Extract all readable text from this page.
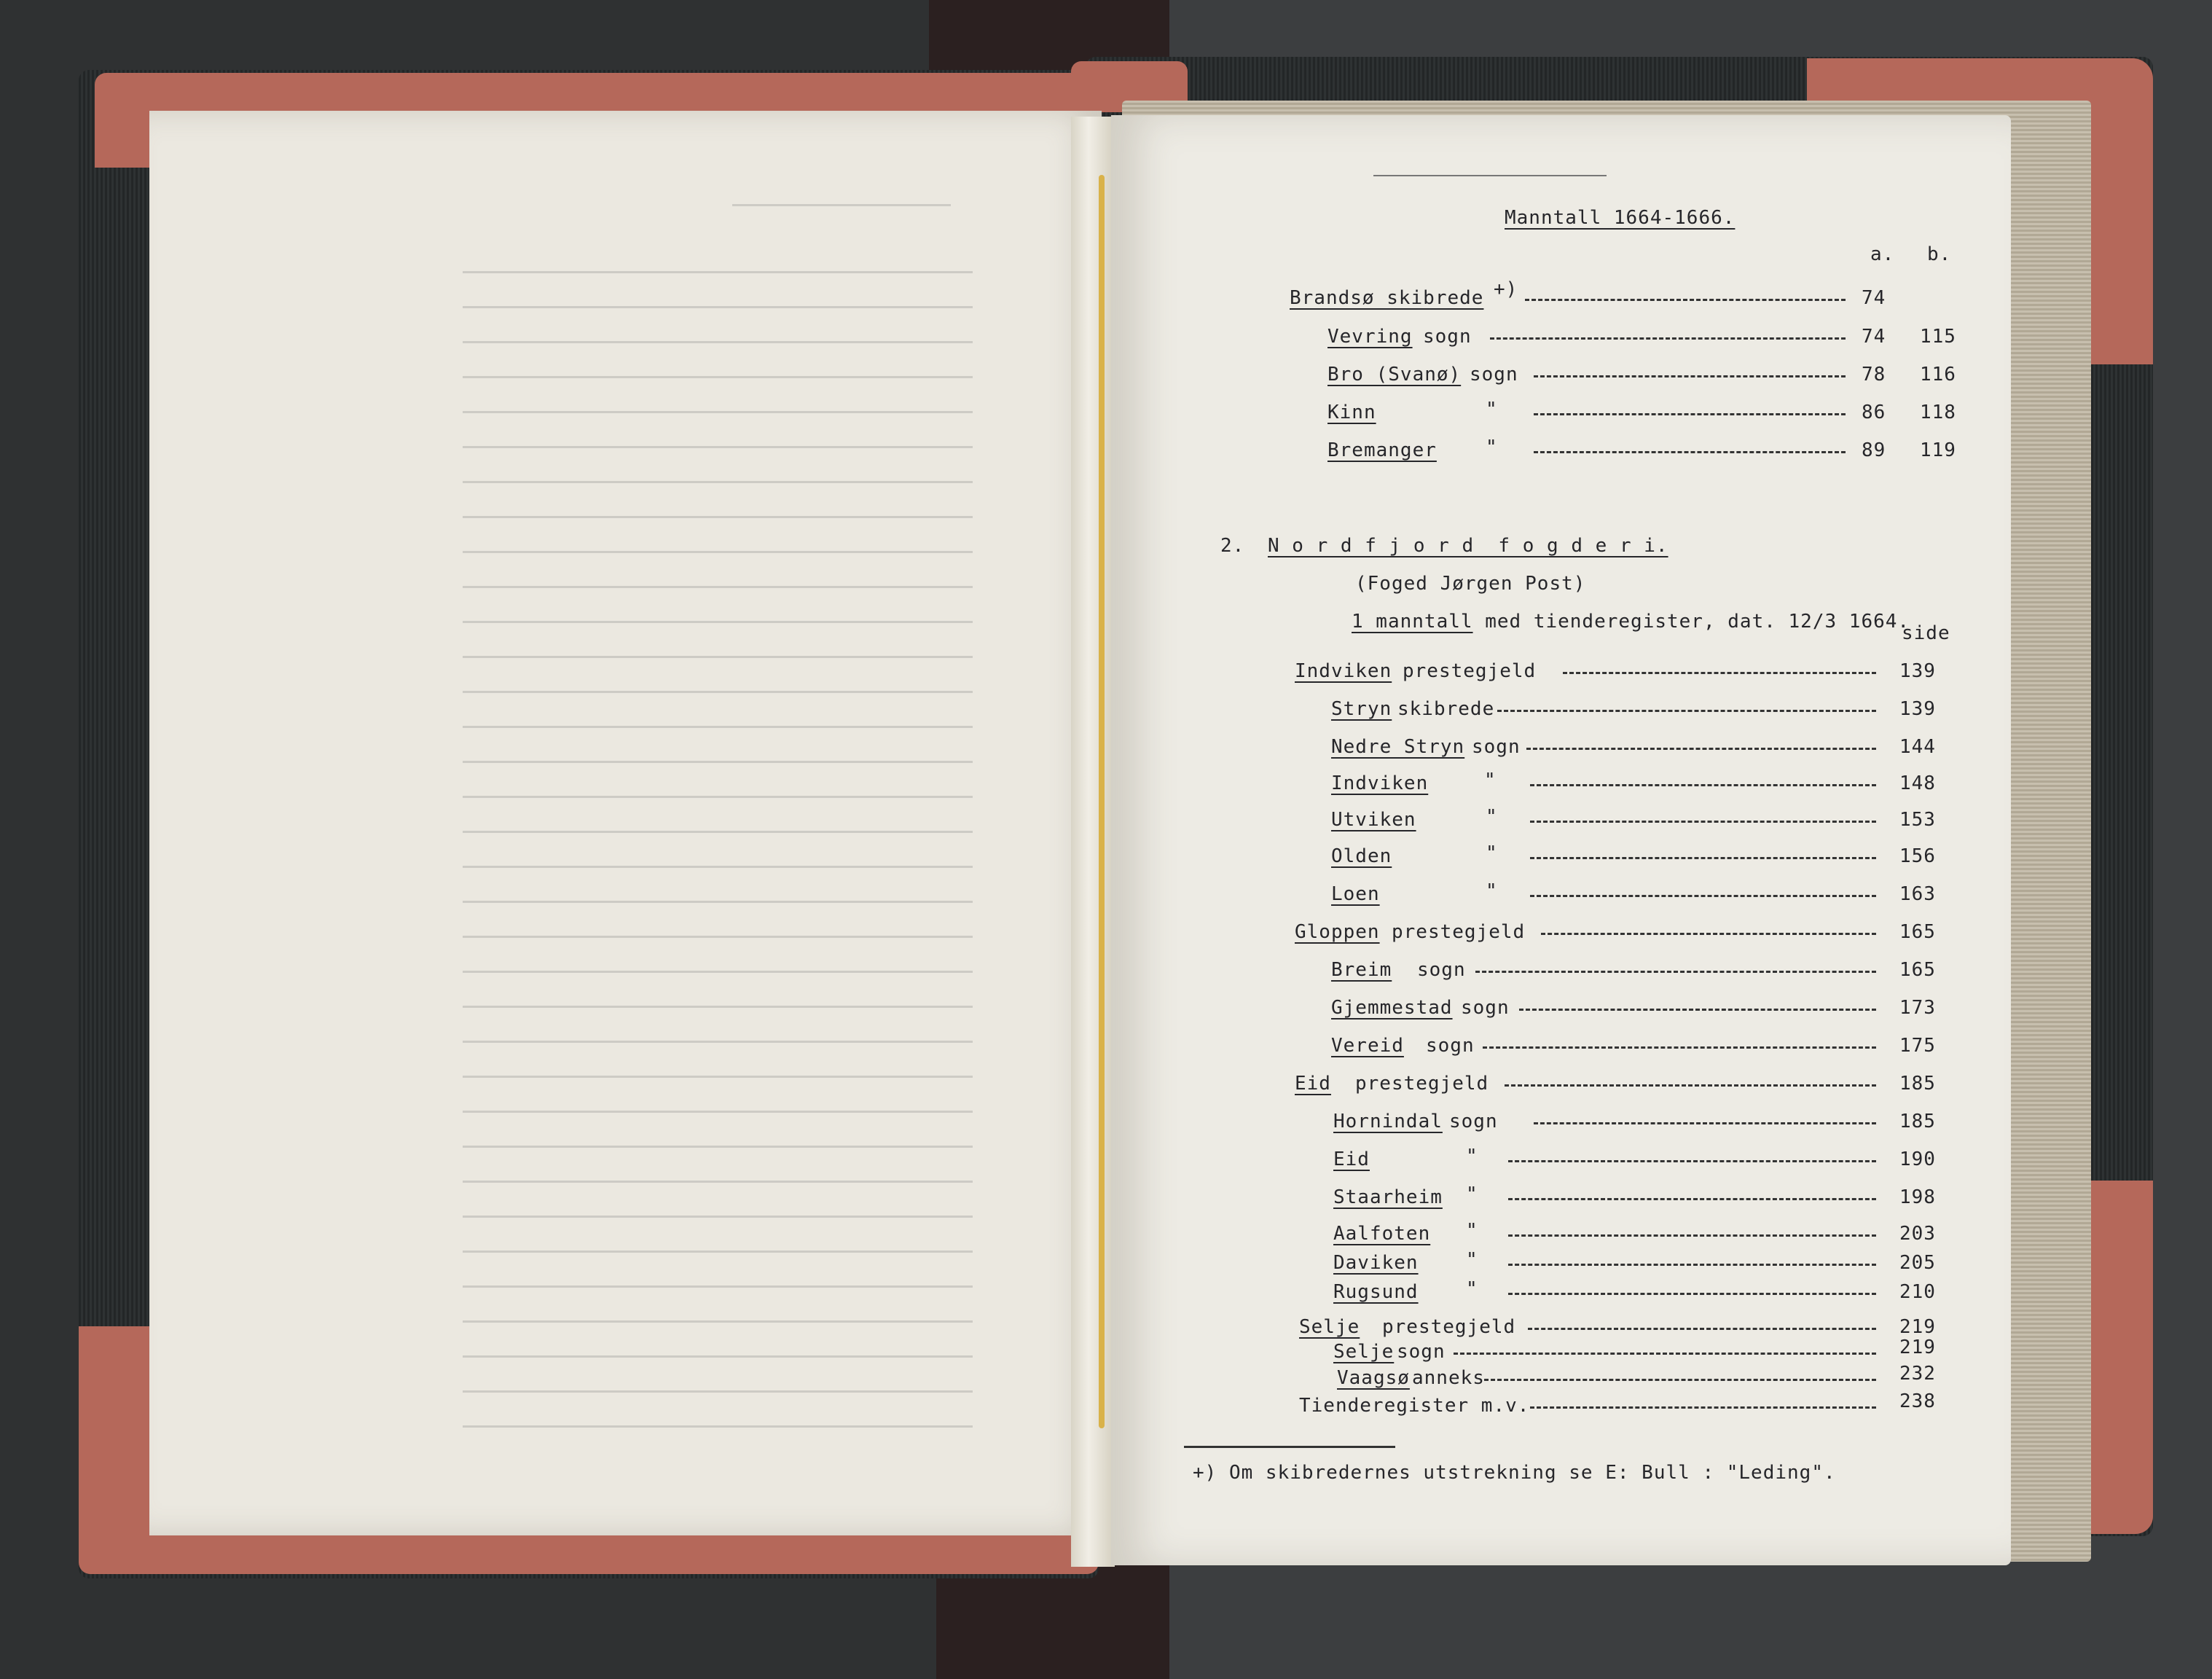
Manntall 1664-1666.
a. b.
Brandsø skibrede +)	74
Vevring sogn	74 115
Bro (Svanø) sogn	78 116
Kinn	"	86 118
Bremanger	"	89 119
2. N o r d f j o r d  f o g d e r i.
(Foged Jørgen Post)
1 manntall med tienderegister, dat. 12/3 1664.
side
Indviken prestegjeld	139
Stryn skibrede	139
Nedre Stryn sogn	144
Indviken	"	148
Utviken	"	153
Olden	"	156
Loen	"	163
Gloppen prestegjeld	165
Breim sogn	165
Gjemmestad sogn	173
Vereid sogn	175
Eid prestegjeld	185
Hornindal sogn	185
Eid	"	190
Staarheim "	198
Aalfoten "	203
Daviken	"	205
Rugsund	"	210
Selje prestegjeld	219
Selje sogn	219
Vaagsø anneks	232
Tienderegister m.v.	238
+) Om skibredernes utstrekning se E: Bull : "Leding".
